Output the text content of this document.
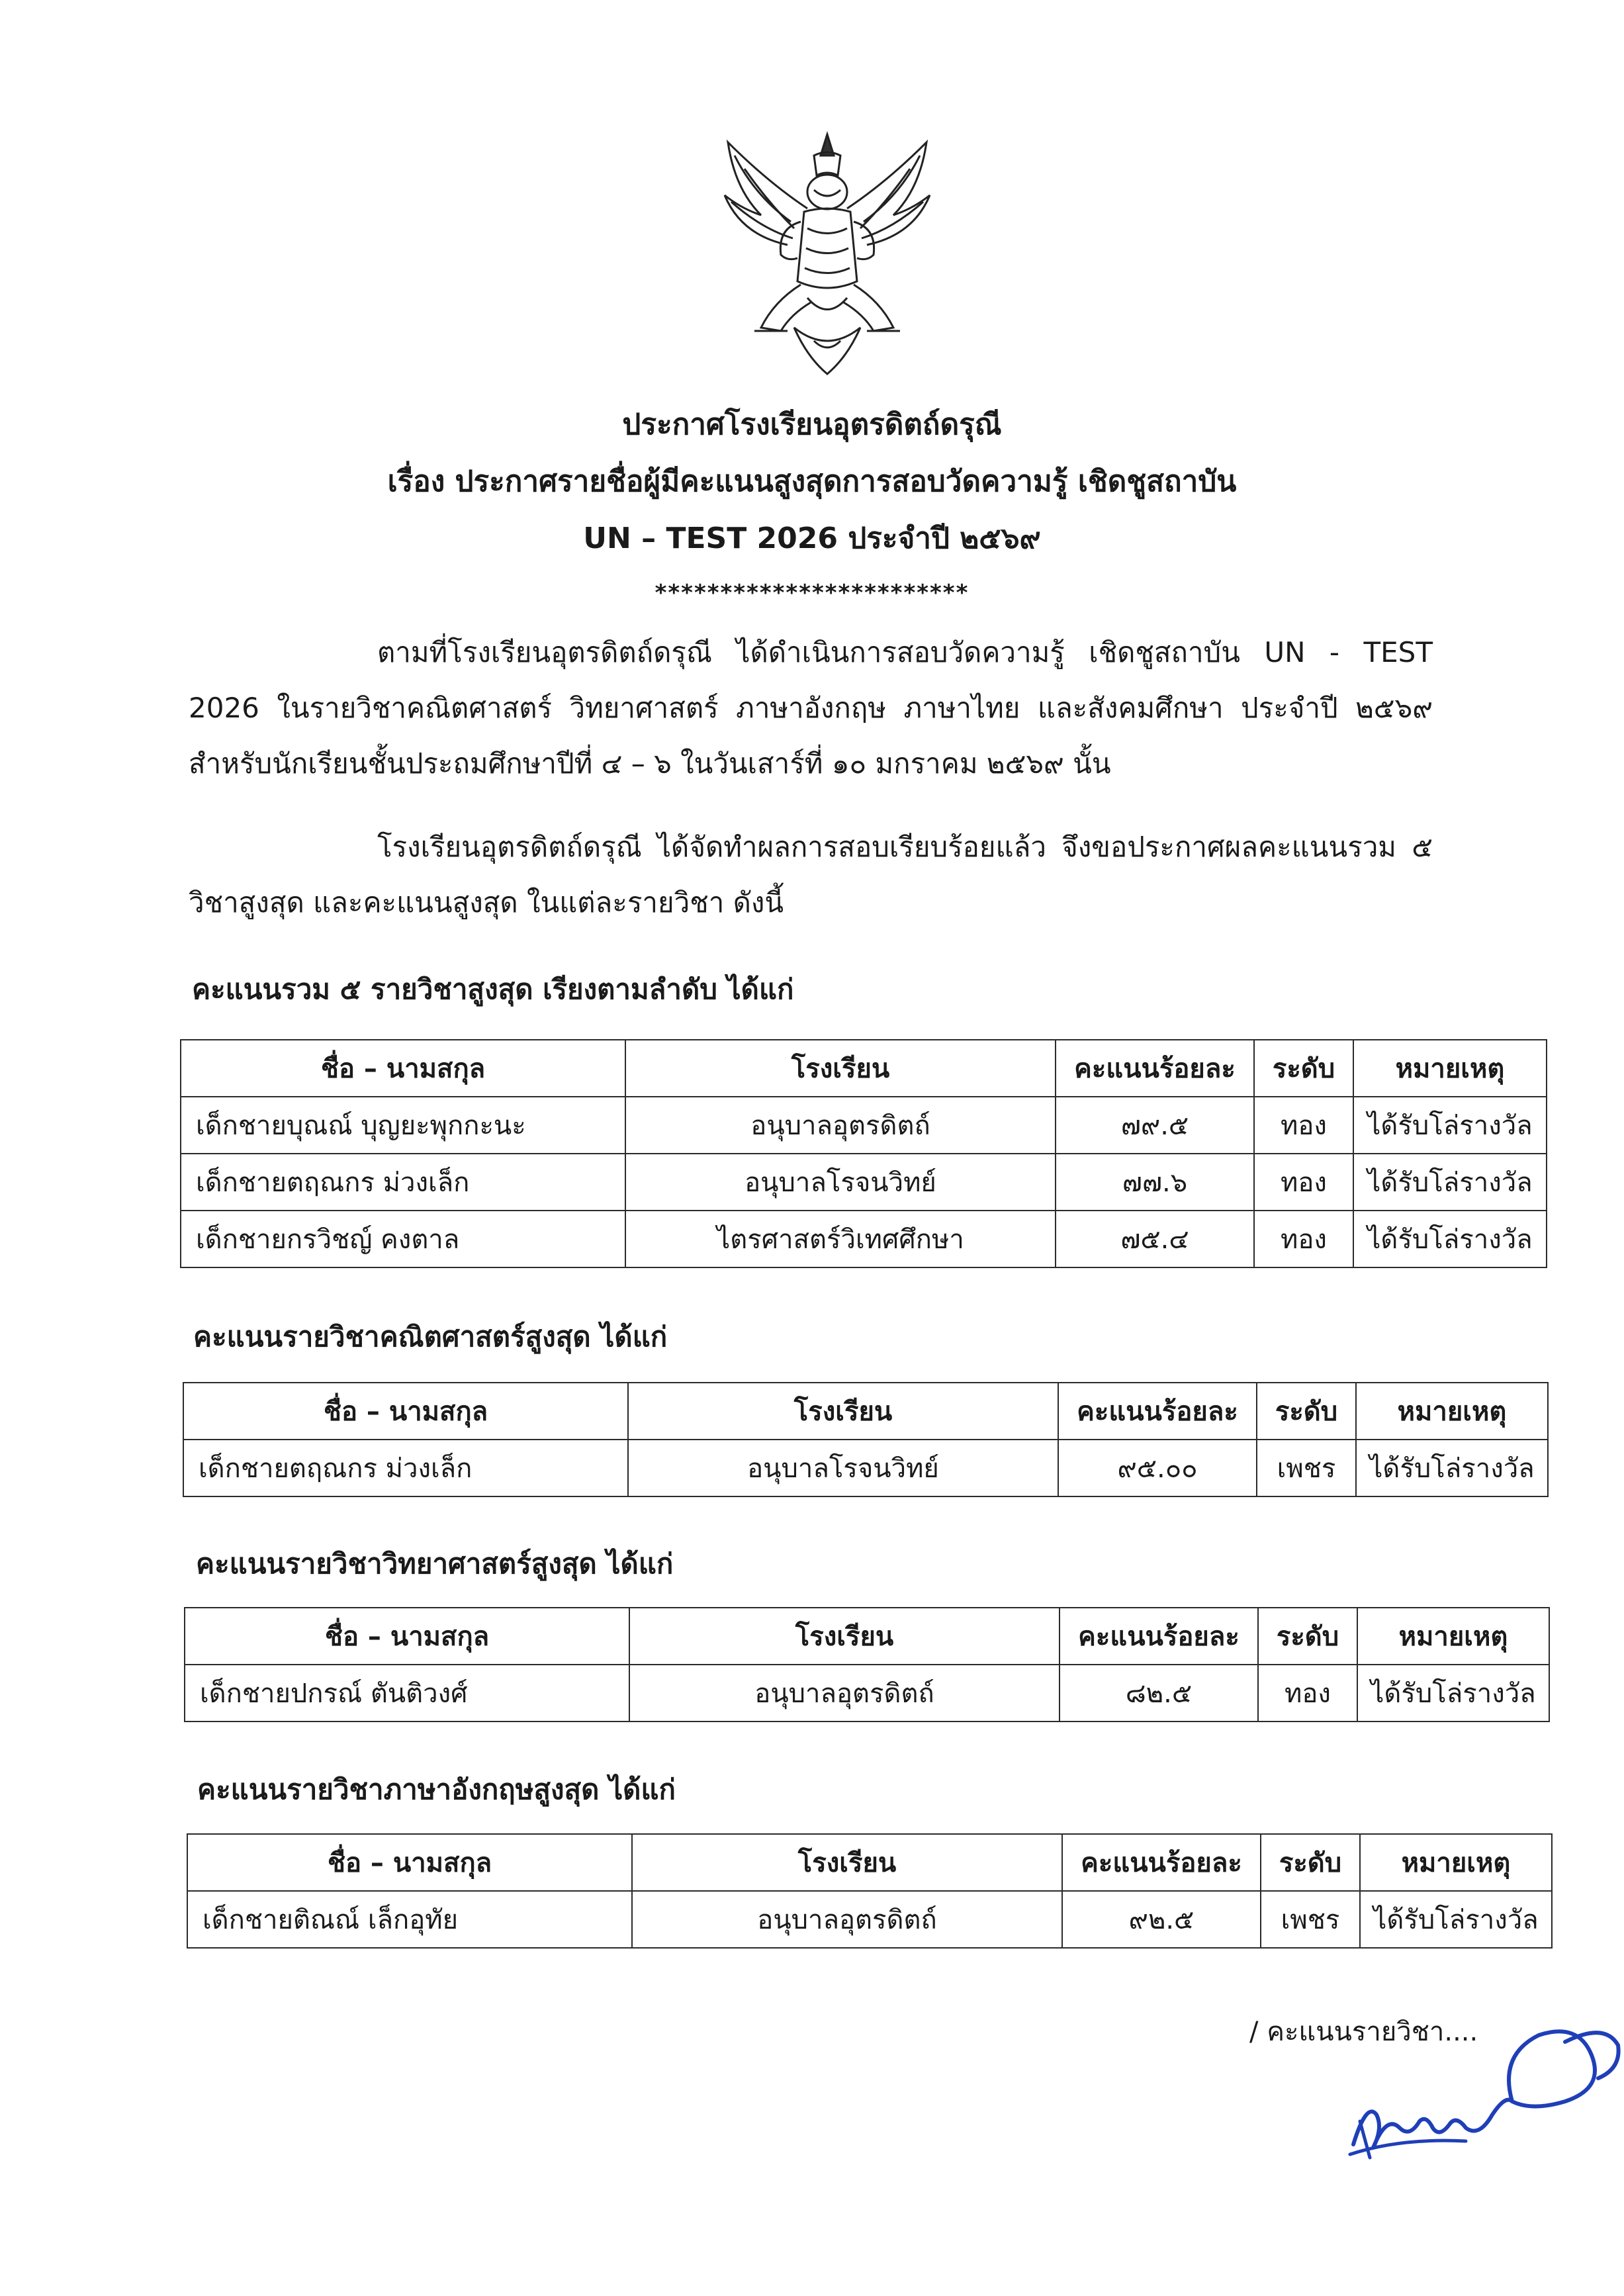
ประกาศโรงเรียนอุตรดิตถ์ดรุณี
เรื่อง ประกาศรายชื่อผู้มีคะแนนสูงสุดการสอบวัดความรู้ เชิดชูสถาบัน
UN – TEST 2026 ประจำปี ๒๕๖๙
************************
ตามที่โรงเรียนอุตรดิตถ์ดรุณี ได้ดำเนินการสอบวัดความรู้ เชิดชูสถาบัน UN - TEST 2026 ในรายวิชาคณิตศาสตร์ วิทยาศาสตร์ ภาษาอังกฤษ ภาษาไทย และสังคมศึกษา ประจำปี ๒๕๖๙ สำหรับนักเรียนชั้นประถมศึกษาปีที่ ๔ – ๖ ในวันเสาร์ที่ ๑๐ มกราคม ๒๕๖๙ นั้น
โรงเรียนอุตรดิตถ์ดรุณี ได้จัดทำผลการสอบเรียบร้อยแล้ว จึงขอประกาศผลคะแนนรวม ๕ วิชาสูงสุด และคะแนนสูงสุด ในแต่ละรายวิชา ดังนี้
คะแนนรวม ๕ รายวิชาสูงสุด เรียงตามลำดับ ได้แก่
ชื่อ – นามสกุล	โรงเรียน	คะแนนร้อยละ	ระดับ	หมายเหตุ
เด็กชายบุณณ์ บุญยะพุกกะนะ	อนุบาลอุตรดิตถ์	๗๙.๕	ทอง	ได้รับโล่รางวัล
เด็กชายตฤณกร ม่วงเล็ก	อนุบาลโรจนวิทย์	๗๗.๖	ทอง	ได้รับโล่รางวัล
เด็กชายกรวิชญ์ คงตาล	ไตรศาสตร์วิเทศศึกษา	๗๕.๔	ทอง	ได้รับโล่รางวัล
คะแนนรายวิชาคณิตศาสตร์สูงสุด ได้แก่
ชื่อ – นามสกุล	โรงเรียน	คะแนนร้อยละ	ระดับ	หมายเหตุ
เด็กชายตฤณกร ม่วงเล็ก	อนุบาลโรจนวิทย์	๙๕.๐๐	เพชร	ได้รับโล่รางวัล
คะแนนรายวิชาวิทยาศาสตร์สูงสุด ได้แก่
ชื่อ – นามสกุล	โรงเรียน	คะแนนร้อยละ	ระดับ	หมายเหตุ
เด็กชายปกรณ์ ตันติวงศ์	อนุบาลอุตรดิตถ์	๘๒.๕	ทอง	ได้รับโล่รางวัล
คะแนนรายวิชาภาษาอังกฤษสูงสุด ได้แก่
ชื่อ – นามสกุล	โรงเรียน	คะแนนร้อยละ	ระดับ	หมายเหตุ
เด็กชายติณณ์ เล็กอุทัย	อนุบาลอุตรดิตถ์	๙๒.๕	เพชร	ได้รับโล่รางวัล
/ คะแนนรายวิชา....
